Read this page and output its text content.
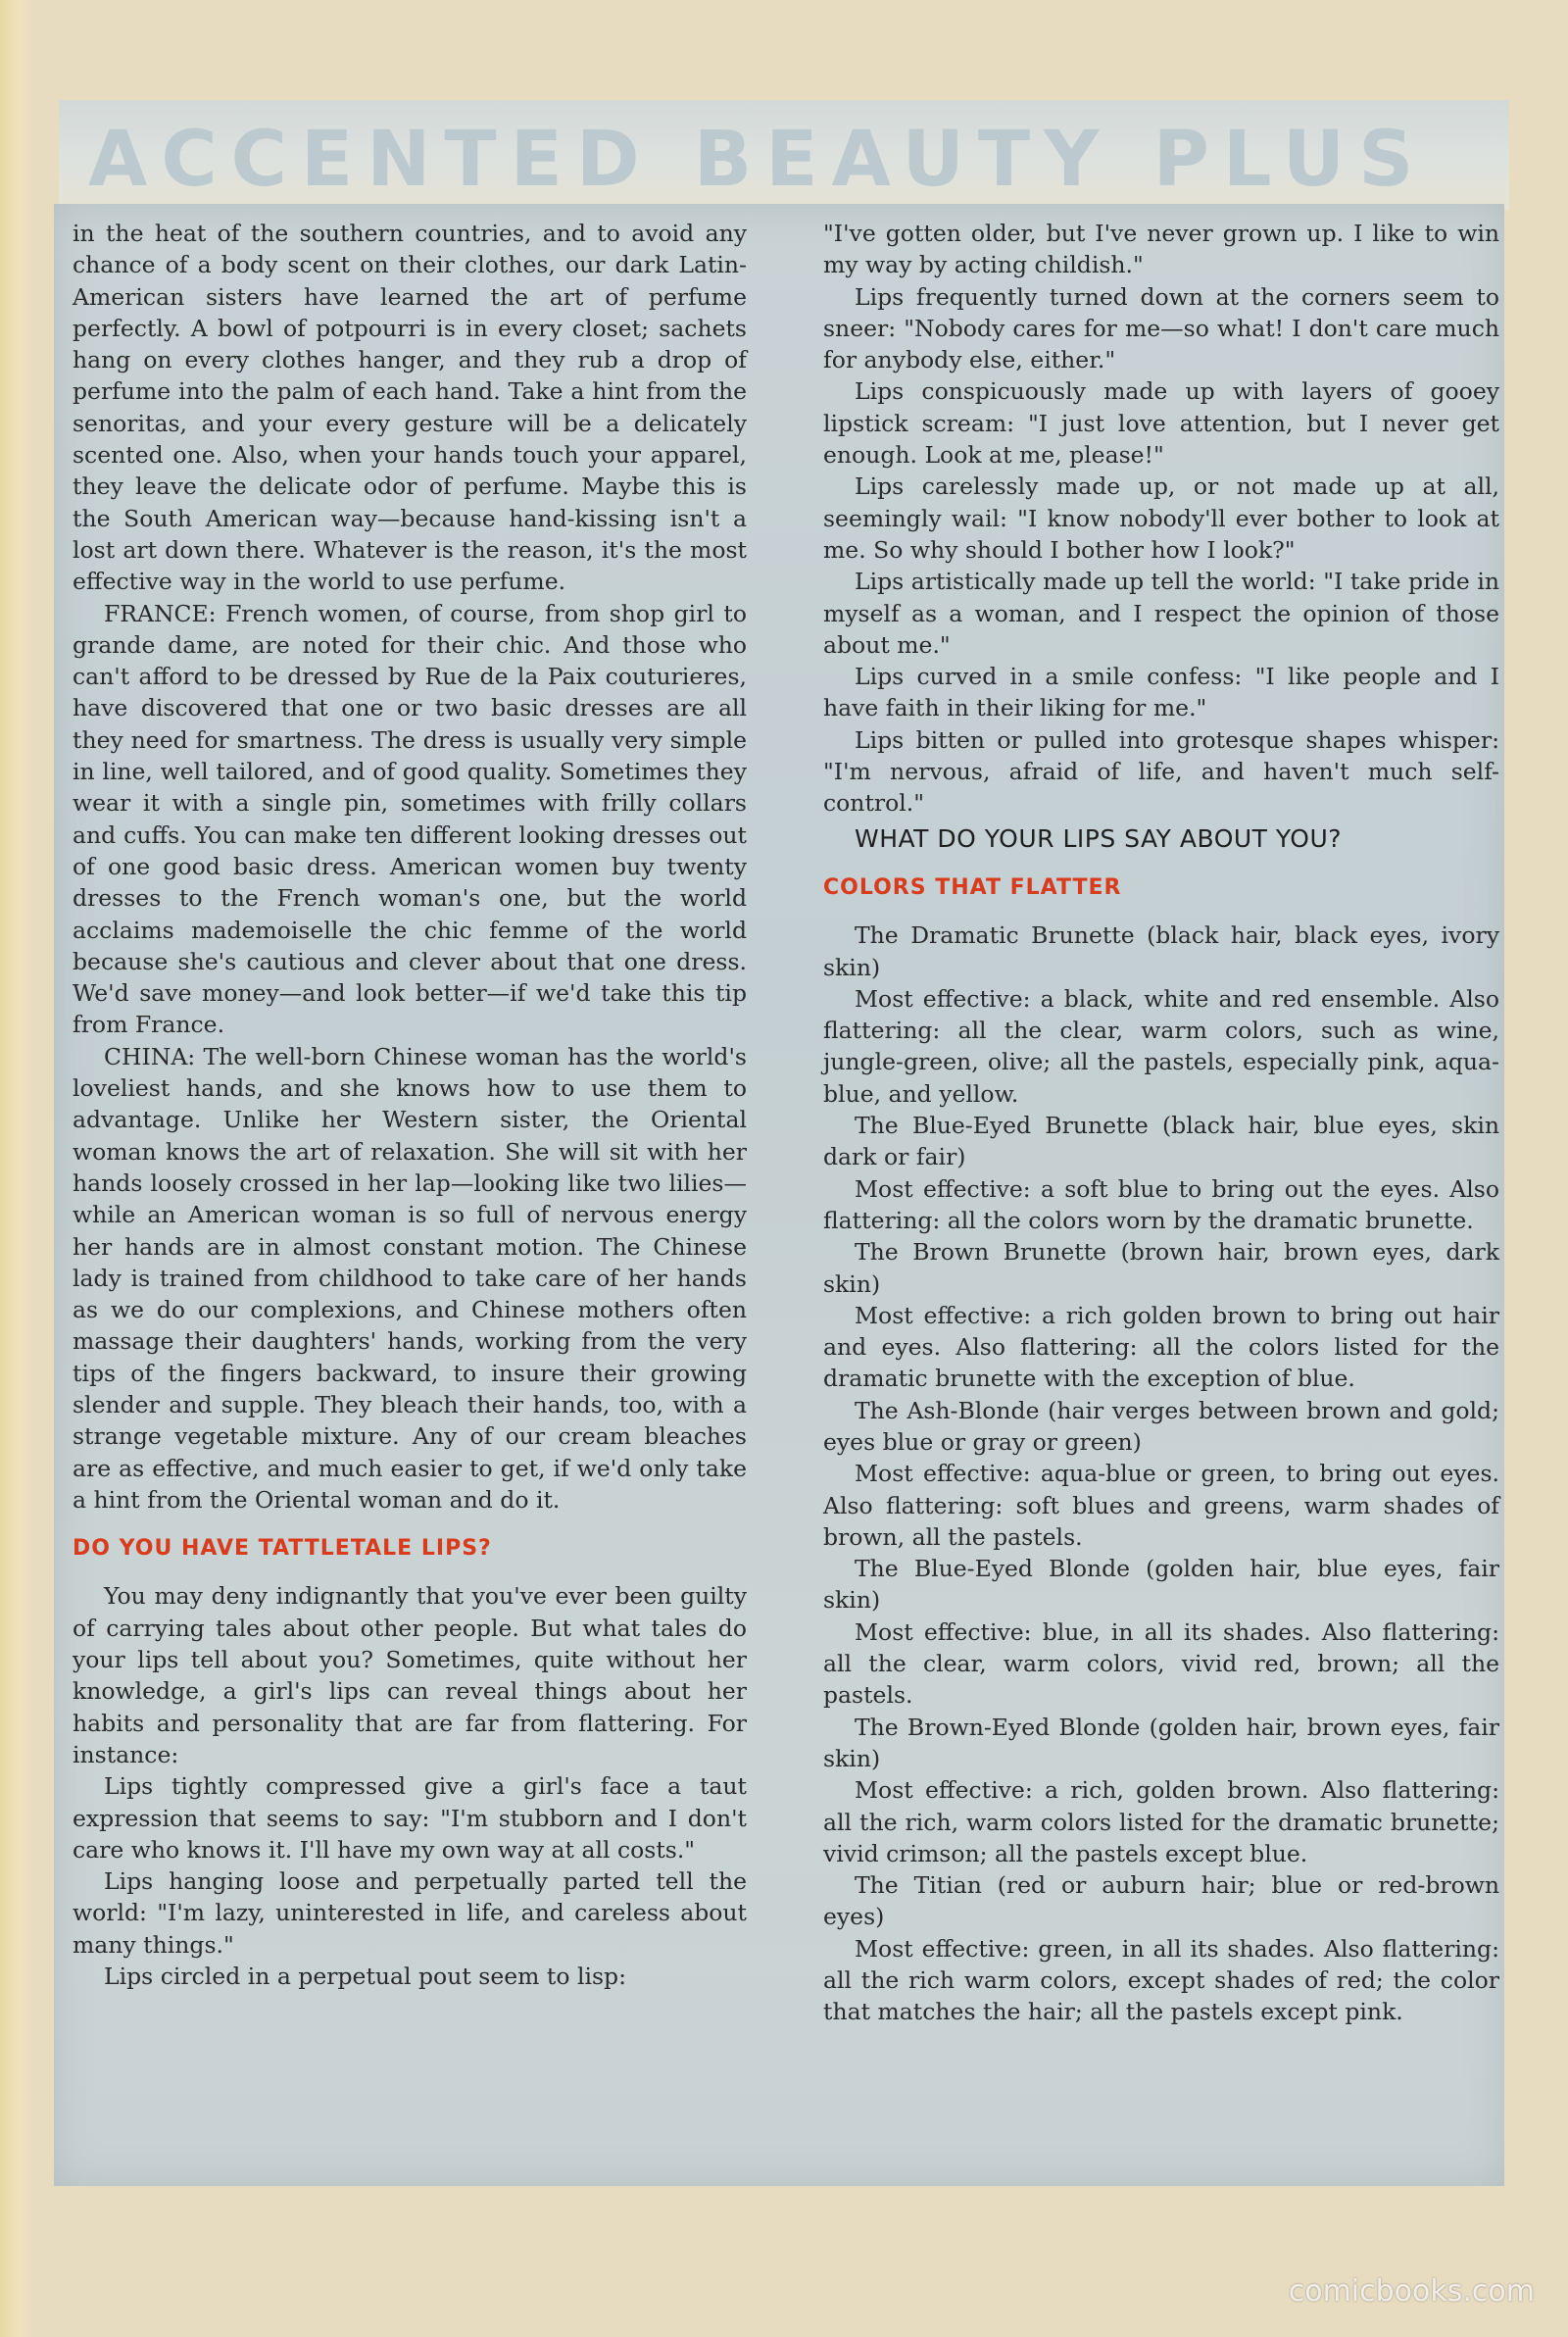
ACCENTED BEAUTY PLUS

in the heat of the southern countries, and to avoid any chance of a body scent on their clothes, our dark Latin-American sisters have learned the art of perfume perfectly. A bowl of potpourri is in every closet; sachets hang on every clothes hanger, and they rub a drop of perfume into the palm of each hand. Take a hint from the senoritas, and your every gesture will be a delicately scented one. Also, when your hands touch your apparel, they leave the delicate odor of perfume. Maybe this is the South American way—because hand-kissing isn't a lost art down there. Whatever is the reason, it's the most effective way in the world to use perfume.

FRANCE: French women, of course, from shop girl to grande dame, are noted for their chic. And those who can't afford to be dressed by Rue de la Paix couturieres, have discovered that one or two basic dresses are all they need for smartness. The dress is usually very simple in line, well tailored, and of good quality. Sometimes they wear it with a single pin, sometimes with frilly collars and cuffs. You can make ten different looking dresses out of one good basic dress. American women buy twenty dresses to the French woman's one, but the world acclaims mademoiselle the chic femme of the world because she's cautious and clever about that one dress. We'd save money—and look better—if we'd take this tip from France.

CHINA: The well-born Chinese woman has the world's loveliest hands, and she knows how to use them to advantage. Unlike her Western sister, the Oriental woman knows the art of relaxation. She will sit with her hands loosely crossed in her lap—looking like two lilies—while an American woman is so full of nervous energy her hands are in almost constant motion. The Chinese lady is trained from childhood to take care of her hands as we do our complexions, and Chinese mothers often massage their daughters' hands, working from the very tips of the fingers backward, to insure their growing slender and supple. They bleach their hands, too, with a strange vegetable mixture. Any of our cream bleaches are as effective, and much easier to get, if we'd only take a hint from the Oriental woman and do it.

DO YOU HAVE TATTLETALE LIPS?

You may deny indignantly that you've ever been guilty of carrying tales about other people. But what tales do your lips tell about you? Sometimes, quite without her knowledge, a girl's lips can reveal things about her habits and personality that are far from flattering. For instance:

Lips tightly compressed give a girl's face a taut expression that seems to say: "I'm stubborn and I don't care who knows it. I'll have my own way at all costs."

Lips hanging loose and perpetually parted tell the world: "I'm lazy, uninterested in life, and careless about many things."

Lips circled in a perpetual pout seem to lisp:

"I've gotten older, but I've never grown up. I like to win my way by acting childish."

Lips frequently turned down at the corners seem to sneer: "Nobody cares for me—so what! I don't care much for anybody else, either."

Lips conspicuously made up with layers of gooey lipstick scream: "I just love attention, but I never get enough. Look at me, please!"

Lips carelessly made up, or not made up at all, seemingly wail: "I know nobody'll ever bother to look at me. So why should I bother how I look?"

Lips artistically made up tell the world: "I take pride in myself as a woman, and I respect the opinion of those about me."

Lips curved in a smile confess: "I like people and I have faith in their liking for me."

Lips bitten or pulled into grotesque shapes whisper: "I'm nervous, afraid of life, and haven't much self-control."

WHAT DO YOUR LIPS SAY ABOUT YOU?

COLORS THAT FLATTER

The Dramatic Brunette (black hair, black eyes, ivory skin)

Most effective: a black, white and red ensemble. Also flattering: all the clear, warm colors, such as wine, jungle-green, olive; all the pastels, especially pink, aqua-blue, and yellow.

The Blue-Eyed Brunette (black hair, blue eyes, skin dark or fair)

Most effective: a soft blue to bring out the eyes. Also flattering: all the colors worn by the dramatic brunette.

The Brown Brunette (brown hair, brown eyes, dark skin)

Most effective: a rich golden brown to bring out hair and eyes. Also flattering: all the colors listed for the dramatic brunette with the exception of blue.

The Ash-Blonde (hair verges between brown and gold; eyes blue or gray or green)

Most effective: aqua-blue or green, to bring out eyes. Also flattering: soft blues and greens, warm shades of brown, all the pastels.

The Blue-Eyed Blonde (golden hair, blue eyes, fair skin)

Most effective: blue, in all its shades. Also flattering: all the clear, warm colors, vivid red, brown; all the pastels.

The Brown-Eyed Blonde (golden hair, brown eyes, fair skin)

Most effective: a rich, golden brown. Also flattering: all the rich, warm colors listed for the dramatic brunette; vivid crimson; all the pastels except blue.

The Titian (red or auburn hair; blue or red-brown eyes)

Most effective: green, in all its shades. Also flattering: all the rich warm colors, except shades of red; the color that matches the hair; all the pastels except pink.

comicbooks.com
